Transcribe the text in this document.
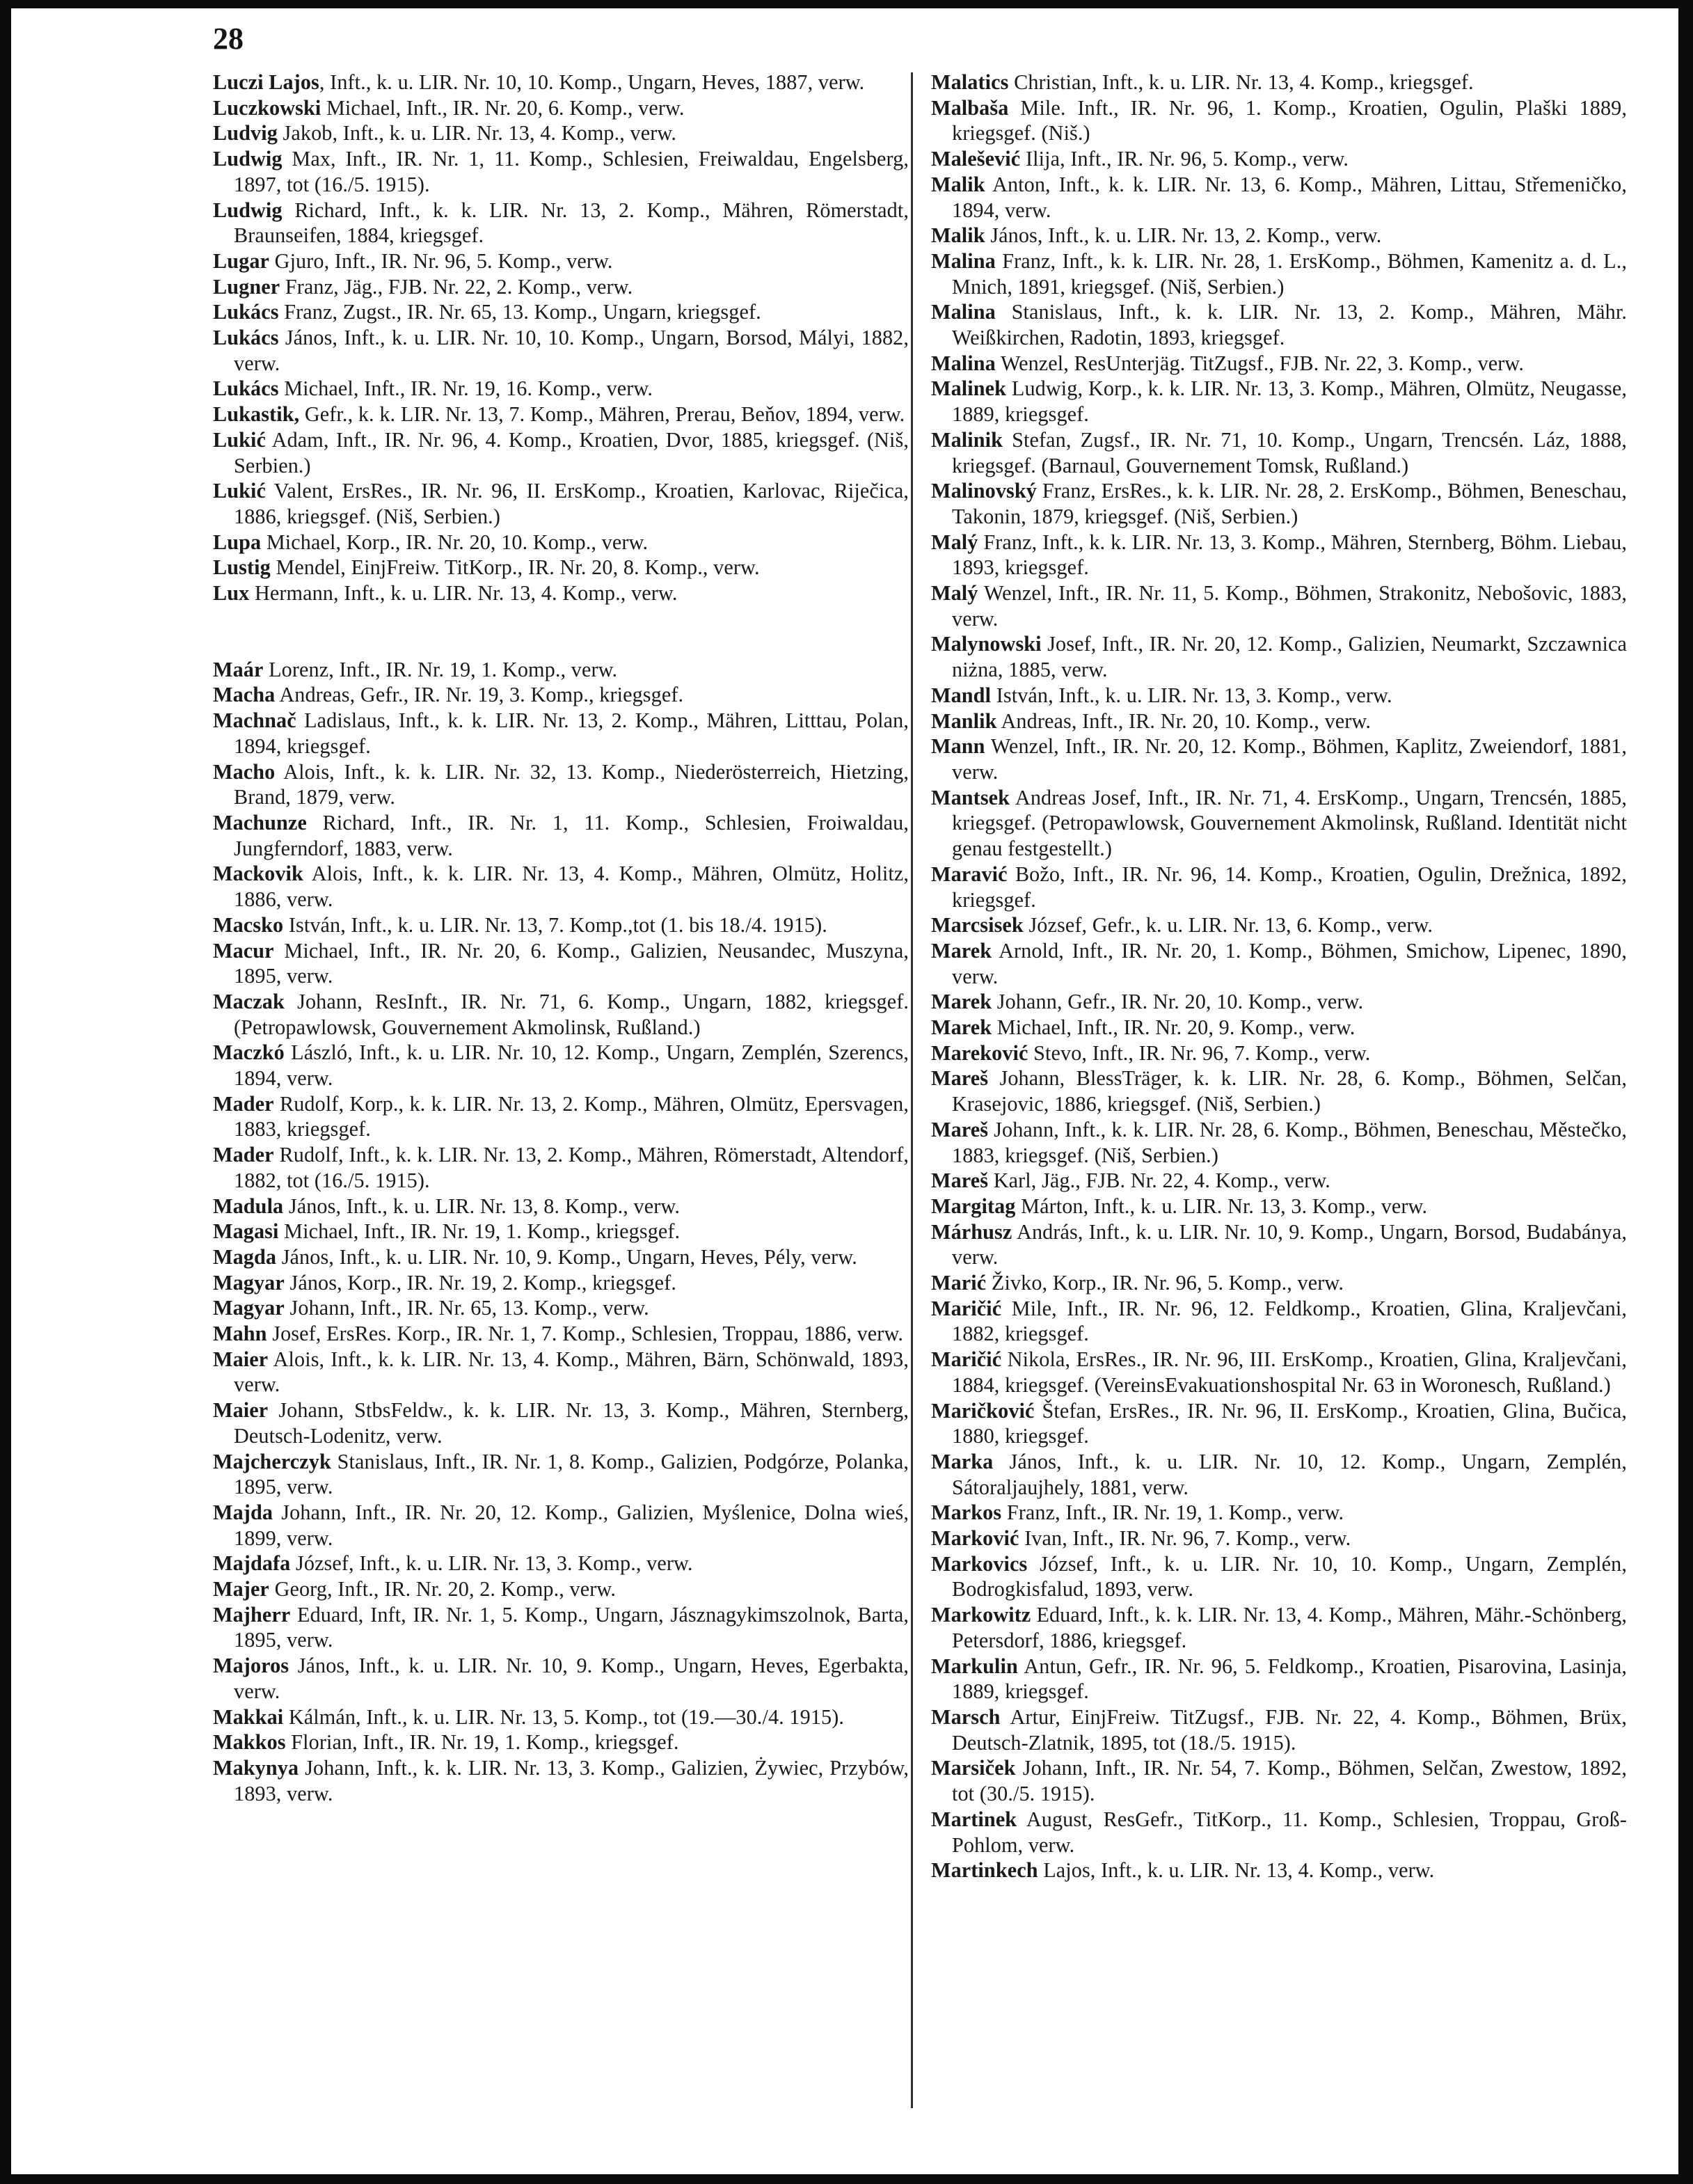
28

Luczi Lajos, Inft., k. u. LIR. Nr. 10, 10. Komp., Ungarn, Heves, 1887, verw.

Luczkowski Michael, Inft., IR. Nr. 20, 6. Komp., verw.

Ludvig Jakob, Inft., k. u. LIR. Nr. 13, 4. Komp., verw.

Ludwig Max, Inft., IR. Nr. 1, 11. Komp., Schlesien, Freiwaldau, Engelsberg, 1897, tot (16./5. 1915).

Ludwig Richard, Inft., k. k. LIR. Nr. 13, 2. Komp., Mähren, Römerstadt, Braunseifen, 1884, kriegsgef.

Lugar Gjuro, Inft., IR. Nr. 96, 5. Komp., verw.

Lugner Franz, Jäg., FJB. Nr. 22, 2. Komp., verw.

Lukács Franz, Zugst., IR. Nr. 65, 13. Komp., Ungarn, kriegsgef.

Lukács János, Inft., k. u. LIR. Nr. 10, 10. Komp., Ungarn, Borsod, Mályi, 1882, verw.

Lukács Michael, Inft., IR. Nr. 19, 16. Komp., verw.

Lukastik, Gefr., k. k. LIR. Nr. 13, 7. Komp., Mähren, Prerau, Beňov, 1894, verw.

Lukić Adam, Inft., IR. Nr. 96, 4. Komp., Kroatien, Dvor, 1885, kriegsgef. (Niš, Serbien.)

Lukić Valent, ErsRes., IR. Nr. 96, II. ErsKomp., Kroatien, Karlovac, Riječica, 1886, kriegsgef. (Niš, Serbien.)

Lupa Michael, Korp., IR. Nr. 20, 10. Komp., verw.

Lustig Mendel, EinjFreiw. TitKorp., IR. Nr. 20, 8. Komp., verw.

Lux Hermann, Inft., k. u. LIR. Nr. 13, 4. Komp., verw.

Maár Lorenz, Inft., IR. Nr. 19, 1. Komp., verw.

Macha Andreas, Gefr., IR. Nr. 19, 3. Komp., kriegsgef.

Machnač Ladislaus, Inft., k. k. LIR. Nr. 13, 2. Komp., Mähren, Litttau, Polan, 1894, kriegsgef.

Macho Alois, Inft., k. k. LIR. Nr. 32, 13. Komp., Niederösterreich, Hietzing, Brand, 1879, verw.

Machunze Richard, Inft., IR. Nr. 1, 11. Komp., Schlesien, Froiwaldau, Jungferndorf, 1883, verw.

Mackovik Alois, Inft., k. k. LIR. Nr. 13, 4. Komp., Mähren, Olmütz, Holitz, 1886, verw.

Macsko István, Inft., k. u. LIR. Nr. 13, 7. Komp.,tot (1. bis 18./4. 1915).

Macur Michael, Inft., IR. Nr. 20, 6. Komp., Galizien, Neusandec, Muszyna, 1895, verw.

Maczak Johann, ResInft., IR. Nr. 71, 6. Komp., Ungarn, 1882, kriegsgef. (Petropawlowsk, Gouvernement Akmolinsk, Rußland.)

Maczkó László, Inft., k. u. LIR. Nr. 10, 12. Komp., Ungarn, Zemplén, Szerencs, 1894, verw.

Mader Rudolf, Korp., k. k. LIR. Nr. 13, 2. Komp., Mähren, Olmütz, Epersvagen, 1883, kriegsgef.

Mader Rudolf, Inft., k. k. LIR. Nr. 13, 2. Komp., Mähren, Römerstadt, Altendorf, 1882, tot (16./5. 1915).

Madula János, Inft., k. u. LIR. Nr. 13, 8. Komp., verw.

Magasi Michael, Inft., IR. Nr. 19, 1. Komp., kriegsgef.

Magda János, Inft., k. u. LIR. Nr. 10, 9. Komp., Ungarn, Heves, Pély, verw.

Magyar János, Korp., IR. Nr. 19, 2. Komp., kriegsgef.

Magyar Johann, Inft., IR. Nr. 65, 13. Komp., verw.

Mahn Josef, ErsRes. Korp., IR. Nr. 1, 7. Komp., Schlesien, Troppau, 1886, verw.

Maier Alois, Inft., k. k. LIR. Nr. 13, 4. Komp., Mähren, Bärn, Schönwald, 1893, verw.

Maier Johann, StbsFeldw., k. k. LIR. Nr. 13, 3. Komp., Mähren, Sternberg, Deutsch-Lodenitz, verw.

Majcherczyk Stanislaus, Inft., IR. Nr. 1, 8. Komp., Galizien, Podgórze, Polanka, 1895, verw.

Majda Johann, Inft., IR. Nr. 20, 12. Komp., Galizien, Myślenice, Dolna wieś, 1899, verw.

Majdafa József, Inft., k. u. LIR. Nr. 13, 3. Komp., verw.

Majer Georg, Inft., IR. Nr. 20, 2. Komp., verw.

Majherr Eduard, Inft, IR. Nr. 1, 5. Komp., Ungarn, Jásznagykimszolnok, Barta, 1895, verw.

Majoros János, Inft., k. u. LIR. Nr. 10, 9. Komp., Ungarn, Heves, Egerbakta, verw.

Makkai Kálmán, Inft., k. u. LIR. Nr. 13, 5. Komp., tot (19.—30./4. 1915).

Makkos Florian, Inft., IR. Nr. 19, 1. Komp., kriegsgef.

Makynya Johann, Inft., k. k. LIR. Nr. 13, 3. Komp., Galizien, Żywiec, Przybów, 1893, verw.

Malatics Christian, Inft., k. u. LIR. Nr. 13, 4. Komp., kriegsgef.

Malbaša Mile. Inft., IR. Nr. 96, 1. Komp., Kroatien, Ogulin, Plaški 1889, kriegsgef. (Niš.)

Malešević Ilija, Inft., IR. Nr. 96, 5. Komp., verw.

Malik Anton, Inft., k. k. LIR. Nr. 13, 6. Komp., Mähren, Littau, Střemeničko, 1894, verw.

Malik János, Inft., k. u. LIR. Nr. 13, 2. Komp., verw.

Malina Franz, Inft., k. k. LIR. Nr. 28, 1. ErsKomp., Böhmen, Kamenitz a. d. L., Mnich, 1891, kriegsgef. (Niš, Serbien.)

Malina Stanislaus, Inft., k. k. LIR. Nr. 13, 2. Komp., Mähren, Mähr. Weißkirchen, Radotin, 1893, kriegsgef.

Malina Wenzel, ResUnterjäg. TitZugsf., FJB. Nr. 22, 3. Komp., verw.

Malinek Ludwig, Korp., k. k. LIR. Nr. 13, 3. Komp., Mähren, Olmütz, Neugasse, 1889, kriegsgef.

Malinik Stefan, Zugsf., IR. Nr. 71, 10. Komp., Ungarn, Trencsén. Láz, 1888, kriegsgef. (Barnaul, Gouvernement Tomsk, Rußland.)

Malinovský Franz, ErsRes., k. k. LIR. Nr. 28, 2. ErsKomp., Böhmen, Beneschau, Takonin, 1879, kriegsgef. (Niš, Serbien.)

Malý Franz, Inft., k. k. LIR. Nr. 13, 3. Komp., Mähren, Sternberg, Böhm. Liebau, 1893, kriegsgef.

Malý Wenzel, Inft., IR. Nr. 11, 5. Komp., Böhmen, Strakonitz, Nebošovic, 1883, verw.

Malynowski Josef, Inft., IR. Nr. 20, 12. Komp., Galizien, Neumarkt, Szczawnica niżna, 1885, verw.

Mandl István, Inft., k. u. LIR. Nr. 13, 3. Komp., verw.

Manlik Andreas, Inft., IR. Nr. 20, 10. Komp., verw.

Mann Wenzel, Inft., IR. Nr. 20, 12. Komp., Böhmen, Kaplitz, Zweiendorf, 1881, verw.

Mantsek Andreas Josef, Inft., IR. Nr. 71, 4. ErsKomp., Ungarn, Trencsén, 1885, kriegsgef. (Petropawlowsk, Gouvernement Akmolinsk, Rußland. Identität nicht genau festgestellt.)

Maravić Božo, Inft., IR. Nr. 96, 14. Komp., Kroatien, Ogulin, Drežnica, 1892, kriegsgef.

Marcsisek József, Gefr., k. u. LIR. Nr. 13, 6. Komp., verw.

Marek Arnold, Inft., IR. Nr. 20, 1. Komp., Böhmen, Smichow, Lipenec, 1890, verw.

Marek Johann, Gefr., IR. Nr. 20, 10. Komp., verw.

Marek Michael, Inft., IR. Nr. 20, 9. Komp., verw.

Mareković Stevo, Inft., IR. Nr. 96, 7. Komp., verw.

Mareš Johann, BlessTräger, k. k. LIR. Nr. 28, 6. Komp., Böhmen, Selčan, Krasejovic, 1886, kriegsgef. (Niš, Serbien.)

Mareš Johann, Inft., k. k. LIR. Nr. 28, 6. Komp., Böhmen, Beneschau, Městečko, 1883, kriegsgef. (Niš, Serbien.)

Mareš Karl, Jäg., FJB. Nr. 22, 4. Komp., verw.

Margitag Márton, Inft., k. u. LIR. Nr. 13, 3. Komp., verw.

Márhusz András, Inft., k. u. LIR. Nr. 10, 9. Komp., Ungarn, Borsod, Budabánya, verw.

Marić Živko, Korp., IR. Nr. 96, 5. Komp., verw.

Maričić Mile, Inft., IR. Nr. 96, 12. Feldkomp., Kroatien, Glina, Kraljevčani, 1882, kriegsgef.

Maričić Nikola, ErsRes., IR. Nr. 96, III. ErsKomp., Kroatien, Glina, Kraljevčani, 1884, kriegsgef. (VereinsEvakuationshospital Nr. 63 in Woronesch, Rußland.)

Maričković Štefan, ErsRes., IR. Nr. 96, II. ErsKomp., Kroatien, Glina, Bučica, 1880, kriegsgef.

Marka János, Inft., k. u. LIR. Nr. 10, 12. Komp., Ungarn, Zemplén, Sátoraljaujhely, 1881, verw.

Markos Franz, Inft., IR. Nr. 19, 1. Komp., verw.

Marković Ivan, Inft., IR. Nr. 96, 7. Komp., verw.

Markovics József, Inft., k. u. LIR. Nr. 10, 10. Komp., Ungarn, Zemplén, Bodrogkisfalud, 1893, verw.

Markowitz Eduard, Inft., k. k. LIR. Nr. 13, 4. Komp., Mähren, Mähr.-Schönberg, Petersdorf, 1886, kriegsgef.

Markulin Antun, Gefr., IR. Nr. 96, 5. Feldkomp., Kroatien, Pisarovina, Lasinja, 1889, kriegsgef.

Marsch Artur, EinjFreiw. TitZugsf., FJB. Nr. 22, 4. Komp., Böhmen, Brüx, Deutsch-Zlatnik, 1895, tot (18./5. 1915).

Marsiček Johann, Inft., IR. Nr. 54, 7. Komp., Böhmen, Selčan, Zwestow, 1892, tot (30./5. 1915).

Martinek August, ResGefr., TitKorp., 11. Komp., Schlesien, Troppau, Groß-Pohlom, verw.

Martinkech Lajos, Inft., k. u. LIR. Nr. 13, 4. Komp., verw.
